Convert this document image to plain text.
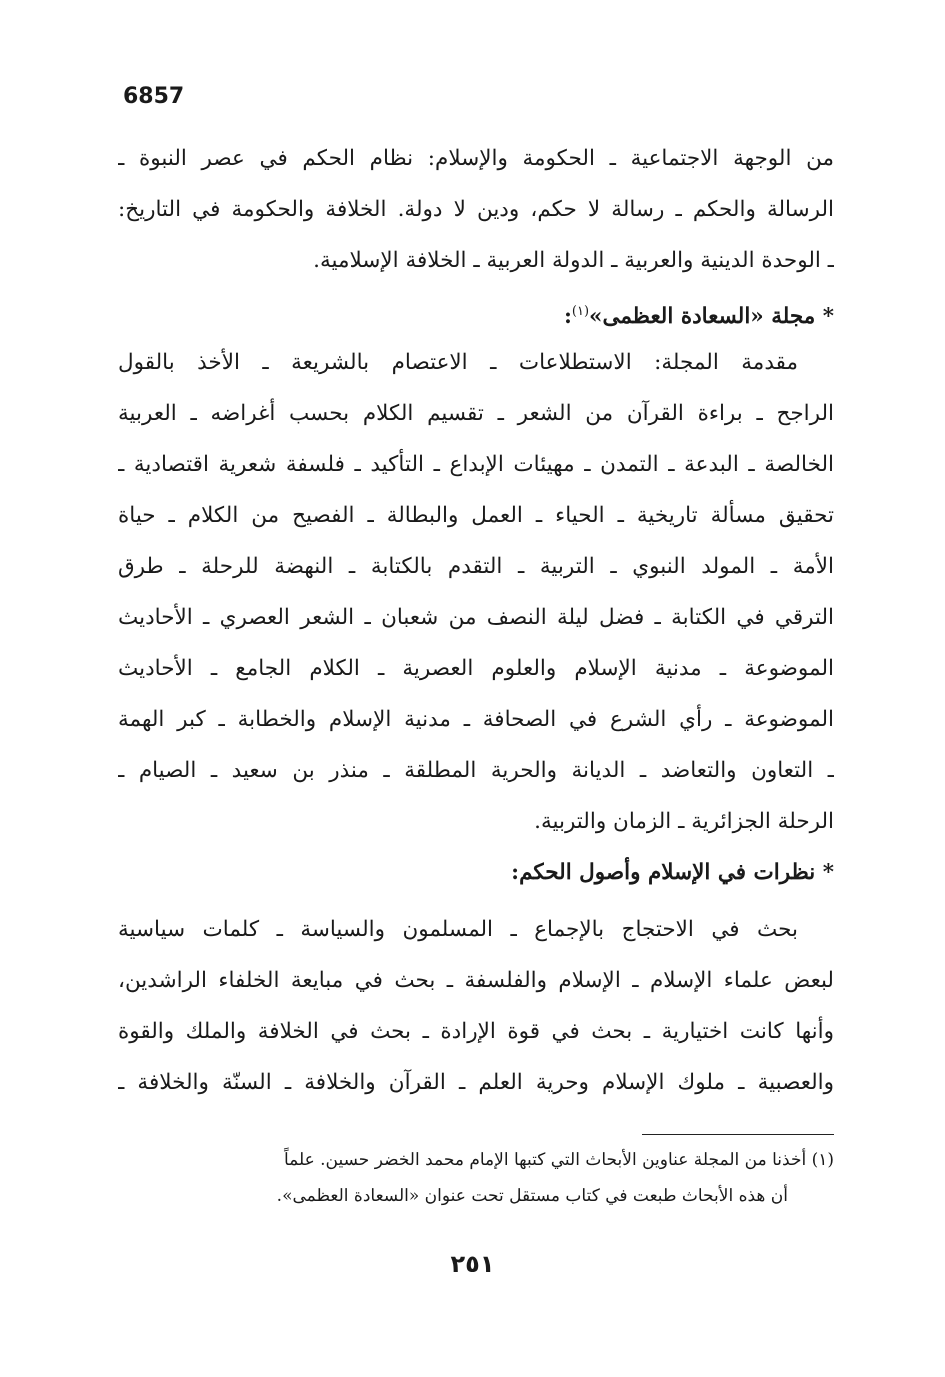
6857
من الوجهة الاجتماعية ـ الحكومة والإسلام: نظام الحكم في عصر النبوة ـ
الرسالة والحكم ـ رسالة لا حكم، ودين لا دولة. الخلافة والحكومة في التاريخ:
ـ الوحدة الدينية والعربية ـ الدولة العربية ـ الخلافة الإسلامية.
* مجلة «السعادة العظمى»$^{(١)}$:
مقدمة المجلة: الاستطلاعات ـ الاعتصام بالشريعة ـ الأخذ بالقول
الراجح ـ براءة القرآن من الشعر ـ تقسيم الكلام بحسب أغراضه ـ العربية
الخالصة ـ البدعة ـ التمدن ـ مهيئات الإبداع ـ التأكيد ـ فلسفة شعرية اقتصادية ـ
تحقيق مسألة تاريخية ـ الحياء ـ العمل والبطالة ـ الفصيح من الكلام ـ حياة
الأمة ـ المولد النبوي ـ التربية ـ التقدم بالكتابة ـ النهضة للرحلة ـ طرق
الترقي في الكتابة ـ فضل ليلة النصف من شعبان ـ الشعر العصري ـ الأحاديث
الموضوعة ـ مدنية الإسلام والعلوم العصرية ـ الكلام الجامع ـ الأحاديث
الموضوعة ـ رأي الشرع في الصحافة ـ مدنية الإسلام والخطابة ـ كبر الهمة
ـ التعاون والتعاضد ـ الديانة والحرية المطلقة ـ منذر بن سعيد ـ الصيام ـ
الرحلة الجزائرية ـ الزمان والتربية.
* نظرات في الإسلام وأصول الحكم:
بحث في الاحتجاج بالإجماع ـ المسلمون والسياسة ـ كلمات سياسية
لبعض علماء الإسلام ـ الإسلام والفلسفة ـ بحث في مبايعة الخلفاء الراشدين،
وأنها كانت اختيارية ـ بحث في قوة الإرادة ـ بحث في الخلافة والملك والقوة
والعصبية ـ ملوك الإسلام وحرية العلم ـ القرآن والخلافة ـ السنّة والخلافة ـ
(١) أخذنا من المجلة عناوين الأبحاث التي كتبها الإمام محمد الخضر حسين. علماً
أن هذه الأبحاث طبعت في كتاب مستقل تحت عنوان «السعادة العظمى».
٢٥١
